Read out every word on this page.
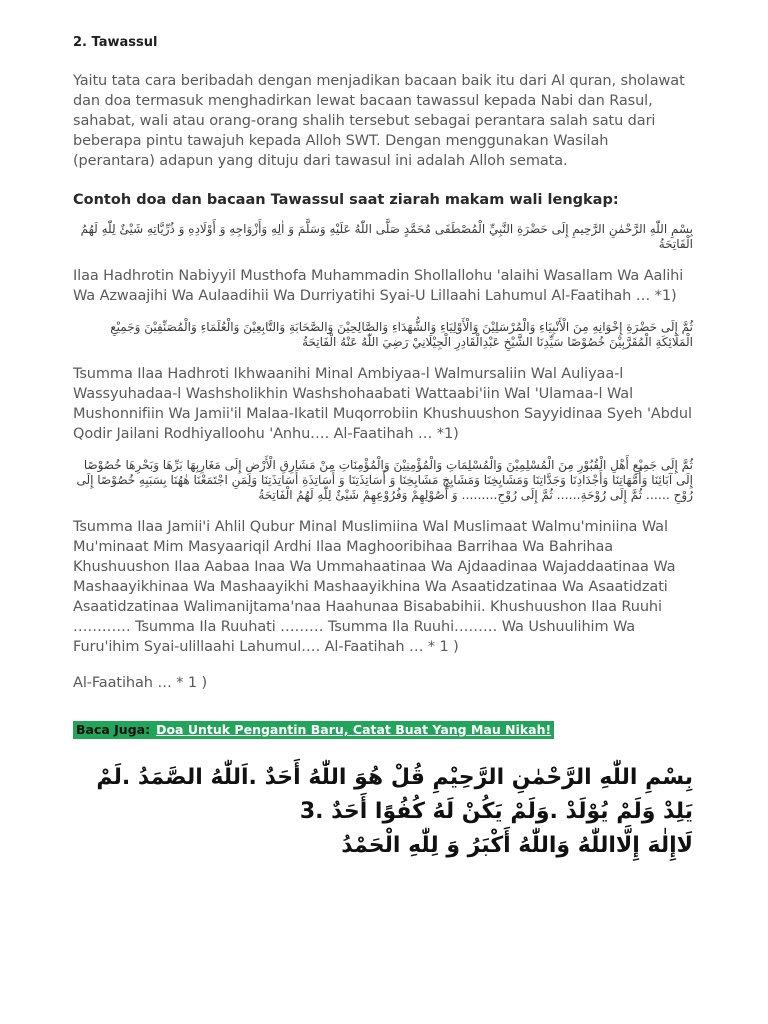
2. Tawassul

Yaitu tata cara beribadah dengan menjadikan bacaan baik itu dari Al quran, sholawat dan doa termasuk menghadirkan lewat bacaan tawassul kepada Nabi dan Rasul, sahabat, wali atau orang-orang shalih tersebut sebagai perantara salah satu dari beberapa pintu tawajuh kepada Alloh SWT. Dengan menggunakan Wasilah (perantara) adapun yang dituju dari tawasul ini adalah Alloh semata.

Contoh doa dan bacaan Tawassul saat ziarah makam wali lengkap:

بِسْمِ اللّٰهِ الرَّحْمٰنِ الرَّحِيمِ إِلَى حَضْرَةِ النَّبِيِّ الْمُصْطَفَى مُحَمَّدٍ صَلَّى اللّٰهُ عَلَيْهِ وَسَلَّمَ وَ اٰلِهِ وَأَزْوَاجِهِ وَ أَوْلَادِهِ وَ ذُرِّيَّاتِهِ شَيْئٌ لِلّٰهِ لَهُمُ الْفَاتِحَةُ

Ilaa Hadhrotin Nabiyyil Musthofa Muhammadin Shollallohu 'alaihi Wasallam Wa Aalihi Wa Azwaajihi Wa Aulaadihii Wa Durriyatihi Syai-U Lillaahi Lahumul Al-Faatihah … *1)

ثُمَّ إِلَى حَضْرَةِ إِخْوَانِهِ مِنَ الْأَنْبِيَاءِ وَالْمُرْسَلِيْنَ وَالْأَوْلِيَاءِ وَالشُّهَدَاءِ وَالصَّالِحِيْنَ وَالصَّحَابَةِ وَالتَّابِعِيْنَ وَالْعُلَمَاءِ وَالْمُصَنِّفِيْنَ وَجَمِيْعِ الْمَلَائِكَةِ الْمُقَرَّبِيْنَ خُصُوْصًا سَيِّدِنَا الشَّيْخِ عَبْدِالْقَادِرِ الْجِيْلَانِيْ رَضِيَ اللّٰهُ عَنْهُ الْفَاتِحَةُ

Tsumma Ilaa Hadhroti Ikhwaanihi Minal Ambiyaa-l Walmursaliin Wal Auliyaa-l Wassyuhadaa-l Washsholikhin Washshohaabati Wattaabi'iin Wal 'Ulamaa-l Wal Mushonnifiin Wa Jamii'il Malaa-Ikatil Muqorrobiin Khushuushon Sayyidinaa Syeh 'Abdul Qodir Jailani Rodhiyalloohu 'Anhu…. Al-Faatihah … *1)

ثُمَّ إِلَى جَمِيْعِ أَهْلِ الْقُبُوْرِ مِنَ الْمُسْلِمِيْنَ وَالْمُسْلِمَاتِ وَالْمُؤْمِنِيْنَ وَالْمُؤْمِنَاتِ مِنْ مَشَارِقِ الْأَرْضِ إِلَى مَغَارِبِهَا بَرِّهَا وَبَحْرِهَا خُصُوْصًا إِلَى آبَائِنَا وَأُمَّهَاتِنَا وَأَجْدَادِنَا وَجَدَّاتِنَا وَمَشَايِخِنَا وَمَشَايِخِ مَشَايِخِنَا وَ أَسَاتِذَتِنَا وَ أَسَاتِذَةِ أَسَاتِذَتِنَا وَلِمَنِ اجْتَمَعْنَا هٰهُنَا بِسَبَبِهِ خُصُوْصًا إِلَى رُوْحِ …… ثُمَّ إِلَى رُوْحَةِ…… ثُمَّ إِلَى رُوْحِ……… وَ أُصُوْلِهِمْ وَفُرُوْعِهِمْ شَيْئٌ لِلّٰهِ لَهُمُ الْفَاتِحَةُ

Tsumma Ilaa Jamii'i Ahlil Qubur Minal Muslimiina Wal Muslimaat Walmu'miniina Wal Mu'minaat Mim Masyaariqil Ardhi Ilaa Maghooribihaa Barrihaa Wa Bahrihaa Khushuushon Ilaa Aabaa Inaa Wa Ummahaatinaa Wa Ajdaadinaa Wajaddaatinaa Wa Mashaayikhinaa Wa Mashaayikhi Mashaayikhina Wa Asaatidzatinaa Wa Asaatidzati Asaatidzatinaa Walimanijtama'naa Haahunaa Bisababihii. Khushuushon Ilaa Ruuhi ………… Tsumma Ila Ruuhati ……… Tsumma Ila Ruuhi……… Wa Ushuulihim Wa Furu'ihim Syai-ulillaahi Lahumul…. Al-Faatihah … * 1 )

Al-Faatihah … * 1 )

Baca Juga: Doa Untuk Pengantin Baru, Catat Buat Yang Mau Nikah!

بِسْمِ اللّٰهِ الرَّحْمٰنِ الرَّحِيْمِ قُلْ هُوَ اللّٰهُ أَحَدٌ .اَللّٰهُ الصَّمَدُ .لَمْ يَلِدْ وَلَمْ يُوْلَدْ .وَلَمْ يَكُنْ لَهُ كُفُوًا أَحَدٌ .3

لَاإِلٰهَ إِلَّااللّٰهُ وَاللّٰهُ أَكْبَرُ وَ لِلّٰهِ الْحَمْدُ
